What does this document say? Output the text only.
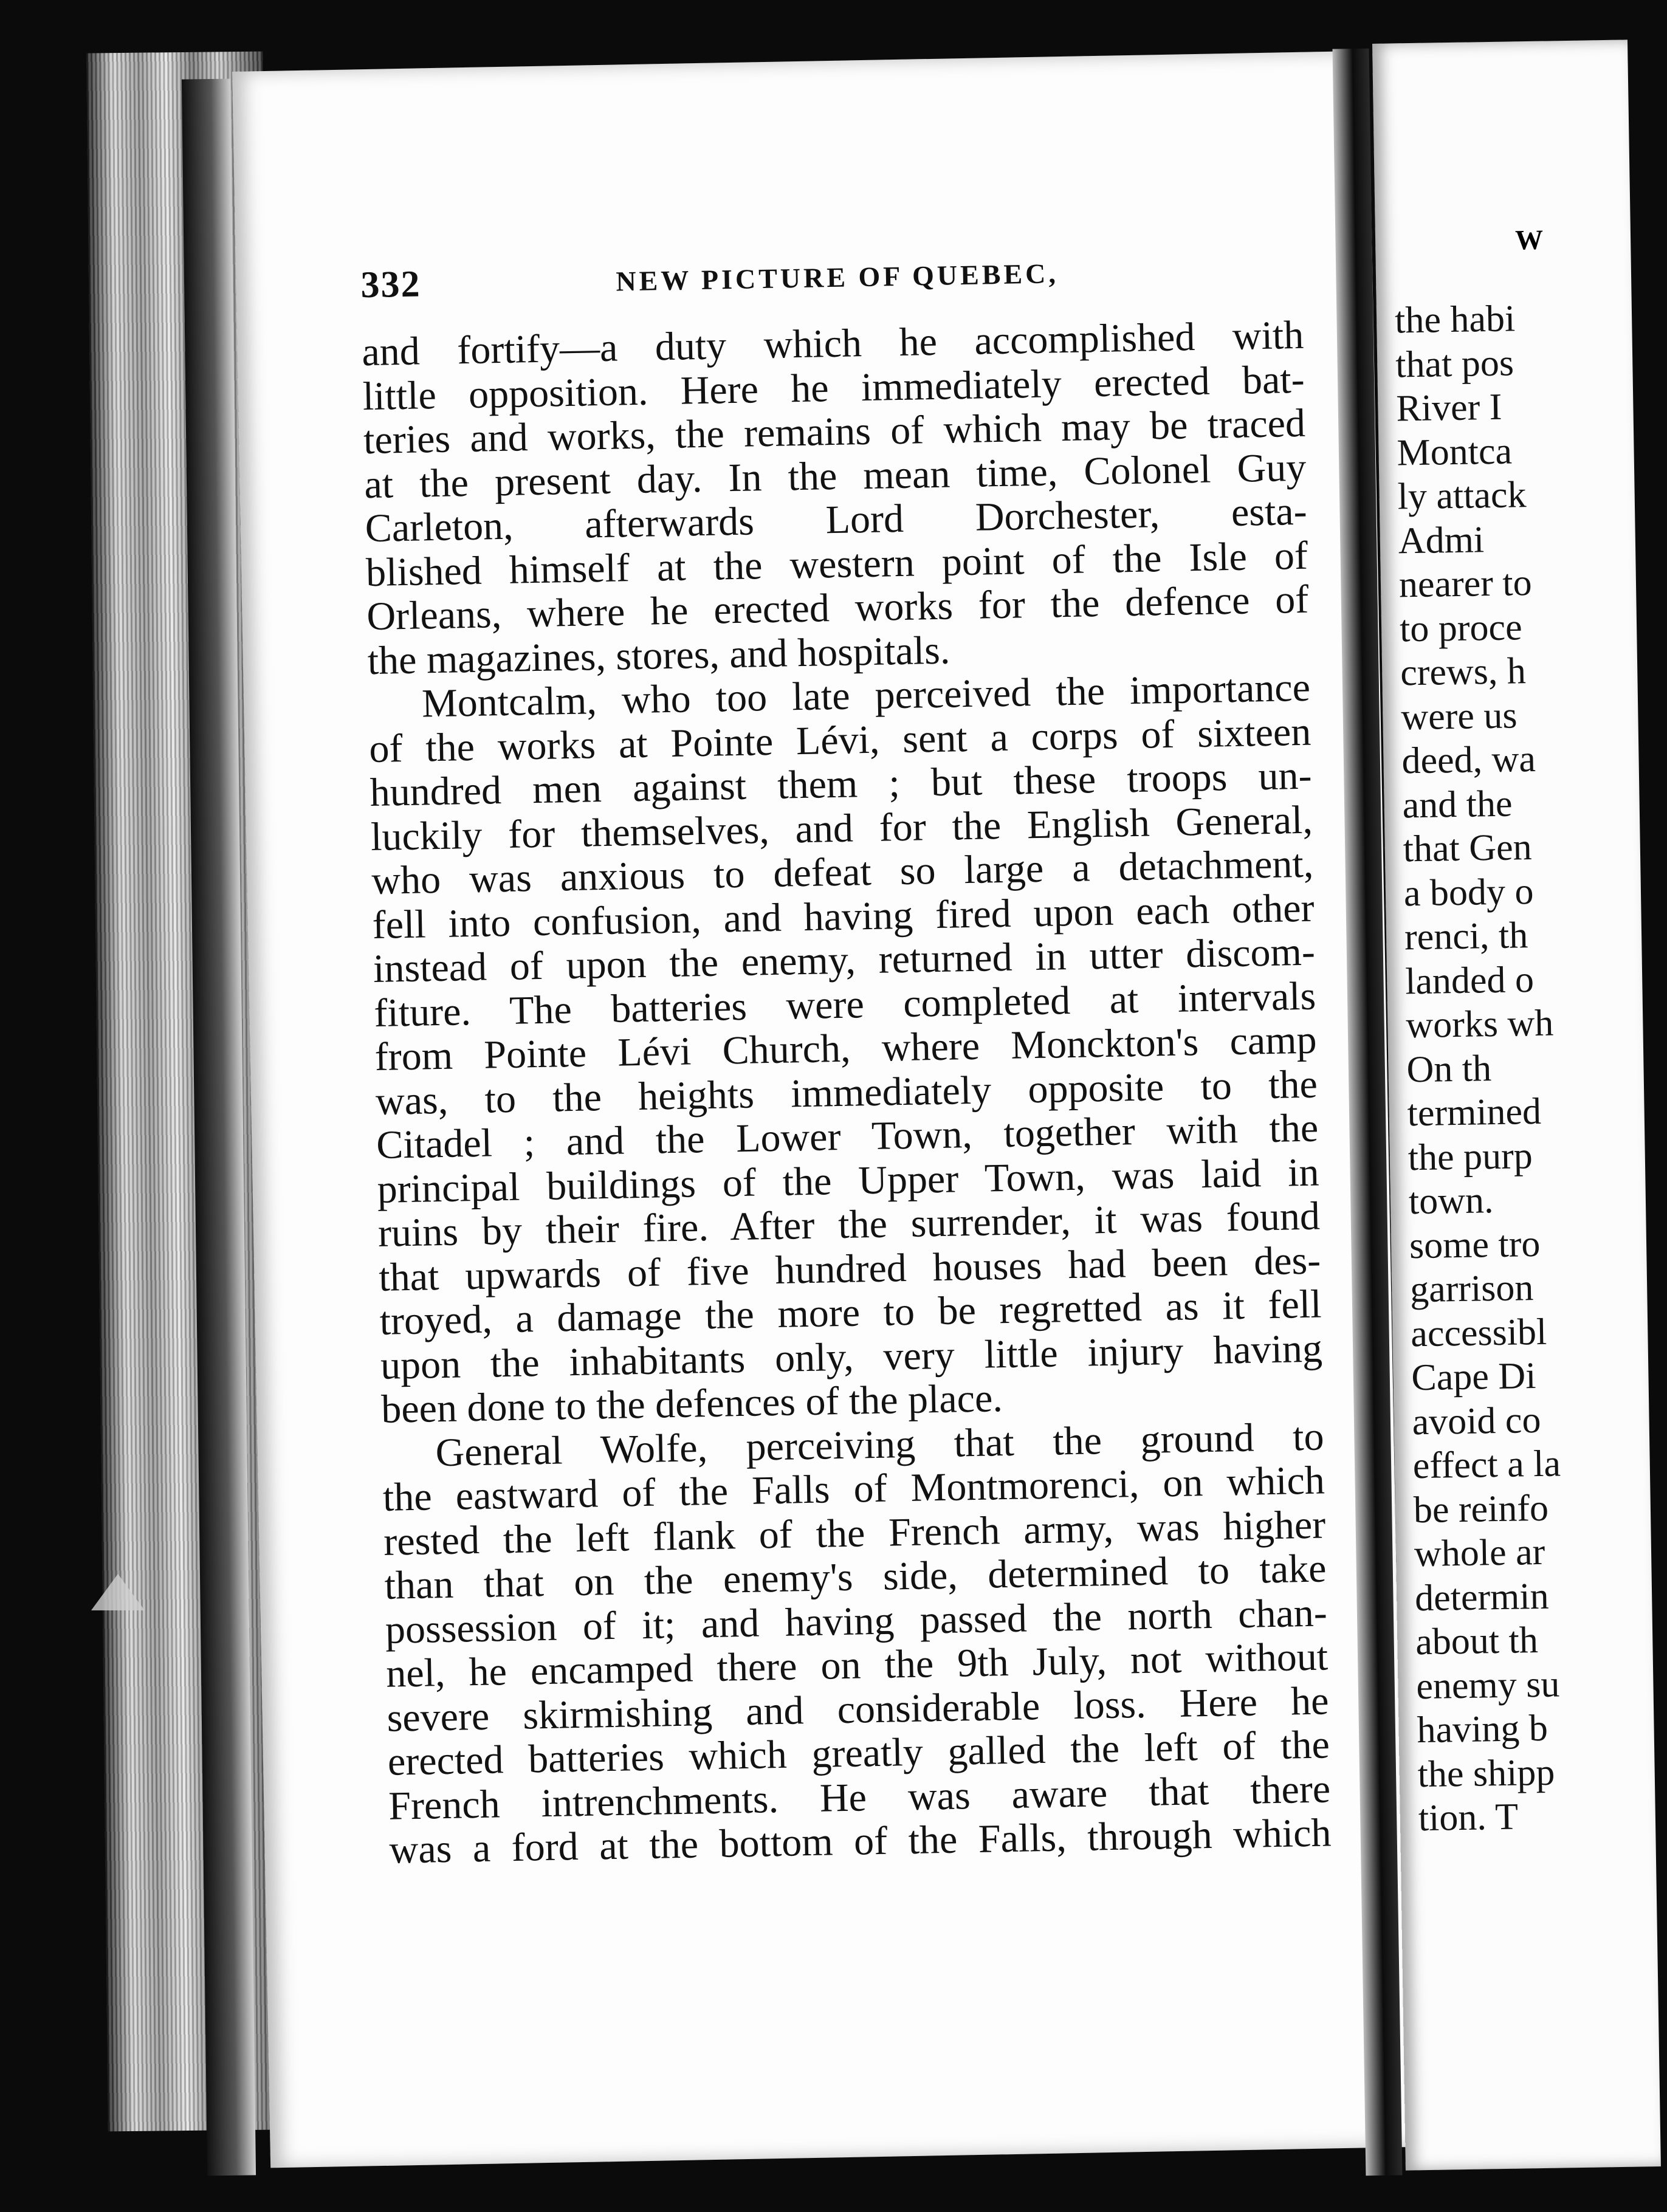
332	NEW PICTURE OF QUEBEC,
and fortify—a duty which he accomplished with
little opposition. Here he immediately erected bat-
teries and works, the remains of which may be traced
at the present day. In the mean time, Colonel Guy
Carleton, afterwards Lord Dorchester, esta-
blished himself at the western point of the Isle of
Orleans, where he erected works for the defence of
the magazines, stores, and hospitals.
Montcalm, who too late perceived the importance
of the works at Pointe Lévi, sent a corps of sixteen
hundred men against them ; but these troops un-
luckily for themselves, and for the English General,
who was anxious to defeat so large a detachment,
fell into confusion, and having fired upon each other
instead of upon the enemy, returned in utter discom-
fiture. The batteries were completed at intervals
from Pointe Lévi Church, where Monckton's camp
was, to the heights immediately opposite to the
Citadel ; and the Lower Town, together with the
principal buildings of the Upper Town, was laid in
ruins by their fire. After the surrender, it was found
that upwards of five hundred houses had been des-
troyed, a damage the more to be regretted as it fell
upon the inhabitants only, very little injury having
been done to the defences of the place.
General Wolfe, perceiving that the ground to
the eastward of the Falls of Montmorenci, on which
rested the left flank of the French army, was higher
than that on the enemy's side, determined to take
possession of it; and having passed the north chan-
nel, he encamped there on the 9th July, not without
severe skirmishing and considerable loss. Here he
erected batteries which greatly galled the left of the
French intrenchments. He was aware that there
was a ford at the bottom of the Falls, through which
W
the habi
that pos
River I
Montca
ly attack
Admi
nearer to
to proce
crews, h
were us
deed, wa
and the
that Gen
a body o
renci, th
landed o
works wh
On th
termined
the purp
town.
some tro
garrison
accessibl
Cape Di
avoid co
effect a la
be reinfo
whole ar
determin
about th
enemy su
having b
the shipp
tion. T
